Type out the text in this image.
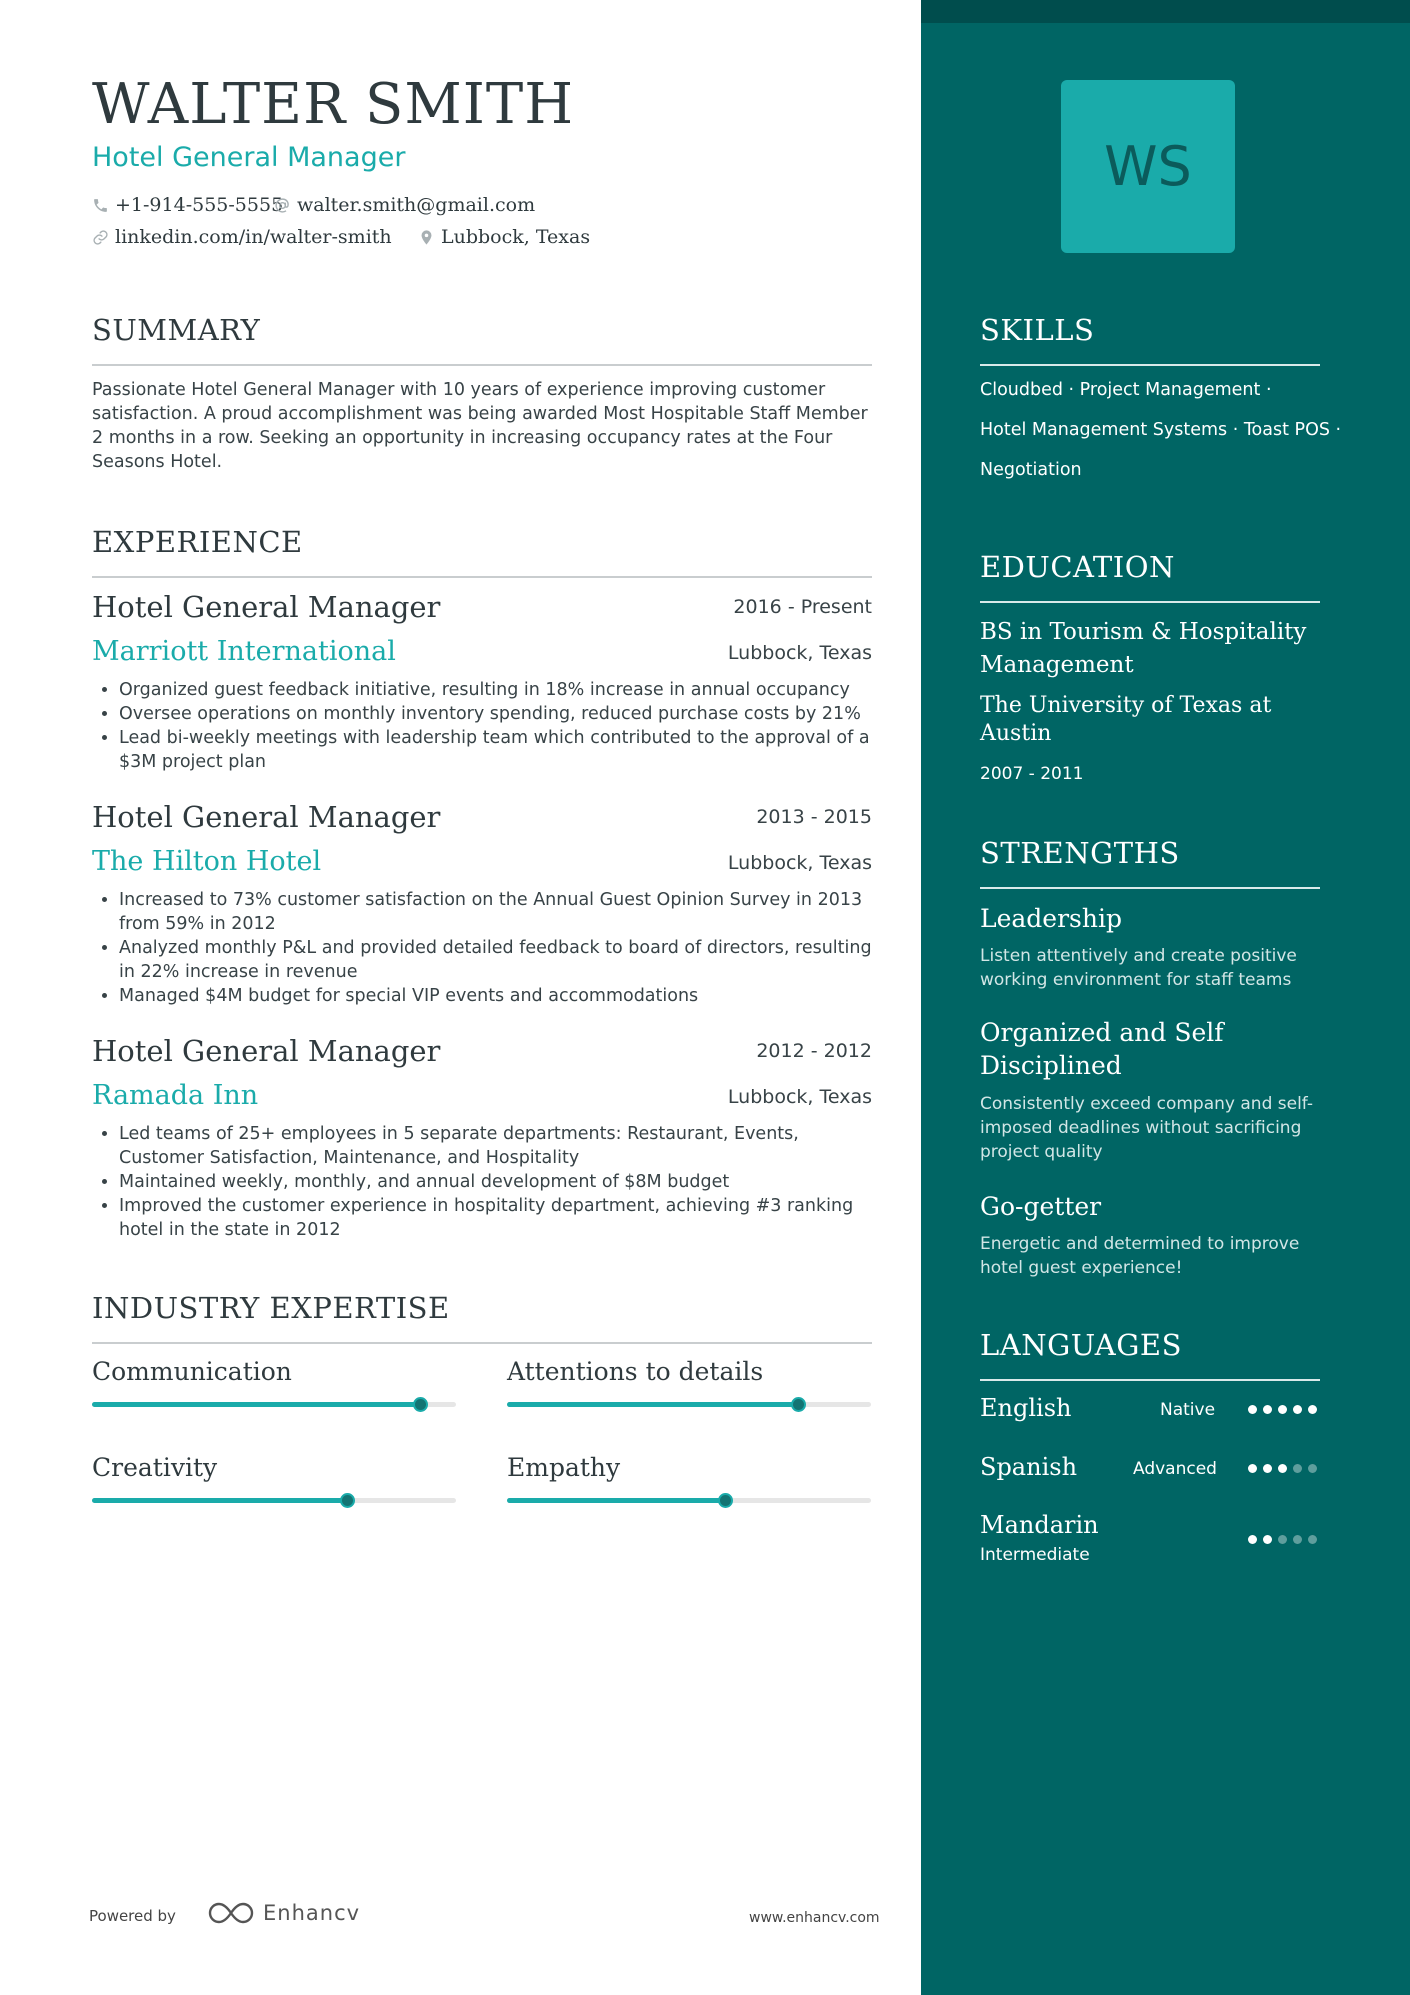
WALTER SMITH
Hotel General Manager
+1-914-555-5555 walter.smith@gmail.com
linkedin.com/in/walter-smith	Lubbock, Texas
SUMMARY
Passionate Hotel General Manager with 10 years of experience improving customer satisfaction. A proud accomplishment was being awarded Most Hospitable Staff Member 2 months in a row. Seeking an opportunity in increasing occupancy rates at the Four Seasons Hotel.
EXPERIENCE
Hotel General Manager	2016 - Present
Marriott International	Lubbock, Texas
• Organized guest feedback initiative, resulting in 18% increase in annual occupancy
• Oversee operations on monthly inventory spending, reduced purchase costs by 21%
• Lead bi-weekly meetings with leadership team which contributed to the approval of a $3M project plan
Hotel General Manager	2013 - 2015
The Hilton Hotel	Lubbock, Texas
• Increased to 73% customer satisfaction on the Annual Guest Opinion Survey in 2013 from 59% in 2012
• Analyzed monthly P&L and provided detailed feedback to board of directors, resulting in 22% increase in revenue
• Managed $4M budget for special VIP events and accommodations
Hotel General Manager	2012 - 2012
Ramada Inn	Lubbock, Texas
• Led teams of 25+ employees in 5 separate departments: Restaurant, Events, Customer Satisfaction, Maintenance, and Hospitality
• Maintained weekly, monthly, and annual development of $8M budget
• Improved the customer experience in hospitality department, achieving #3 ranking hotel in the state in 2012
INDUSTRY EXPERTISE
Communication	Attentions to details
Creativity	Empathy
Powered by	Enhancv	www.enhancv.com
WS
SKILLS
Cloudbed · Project Management ·
Hotel Management Systems · Toast POS ·
Negotiation
EDUCATION
BS in Tourism & Hospitality Management
The University of Texas at Austin
2007 - 2011
STRENGTHS
Leadership
Listen attentively and create positive working environment for staff teams
Organized and Self Disciplined
Consistently exceed company and self-imposed deadlines without sacrificing project quality
Go-getter
Energetic and determined to improve hotel guest experience!
LANGUAGES
English	Native
Spanish	Advanced
Mandarin
Intermediate
